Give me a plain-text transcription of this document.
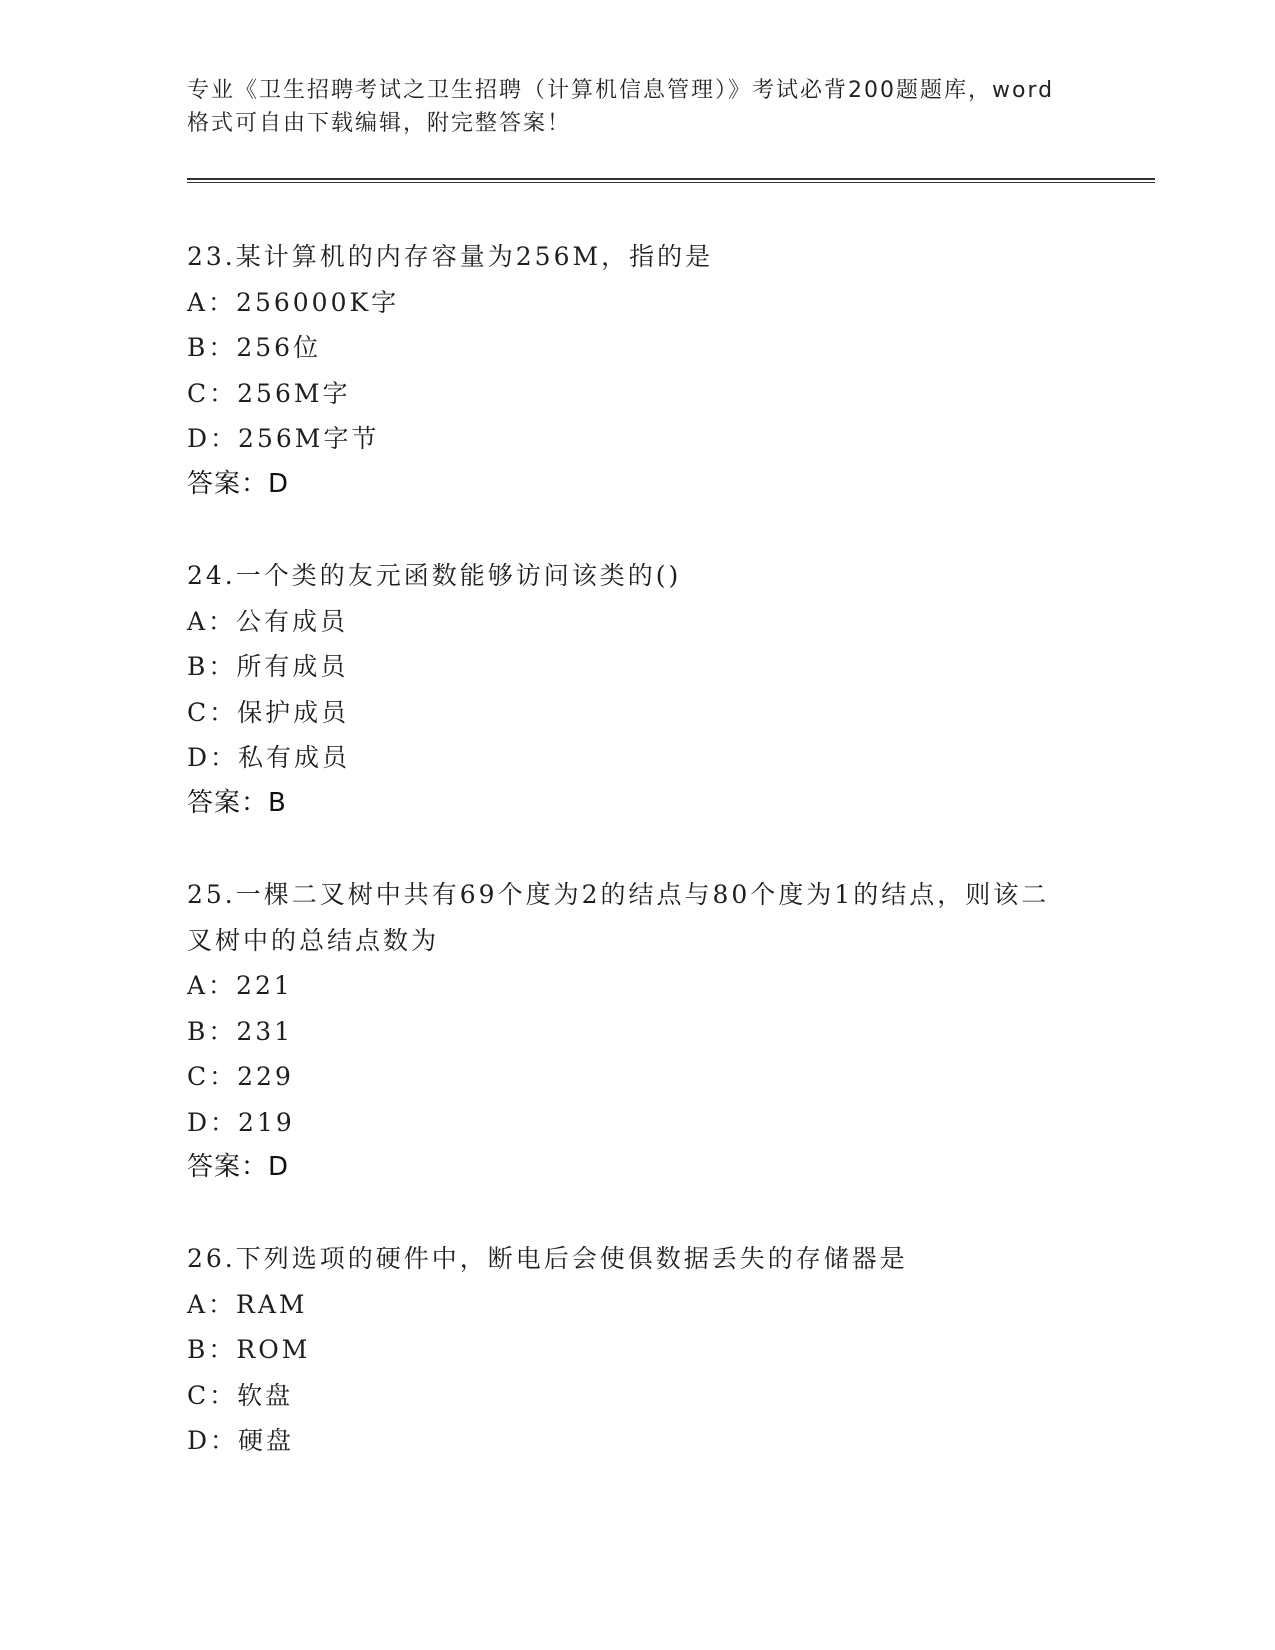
专业《卫生招聘考试之卫生招聘（计算机信息管理）》考试必背200题题库，word
格式可自由下载编辑，附完整答案！
23.某计算机的内存容量为256M，指的是
A：256000K字
B：256位
C：256M字
D：256M字节
答案：D
24.一个类的友元函数能够访问该类的()
A：公有成员
B：所有成员
C：保护成员
D：私有成员
答案：B
25.一棵二叉树中共有69个度为2的结点与80个度为1的结点，则该二叉树中的总结点数为
A：221
B：231
C：229
D：219
答案：D
26.下列选项的硬件中，断电后会使俱数据丢失的存储器是
A：RAM
B：ROM
C：软盘
D：硬盘
